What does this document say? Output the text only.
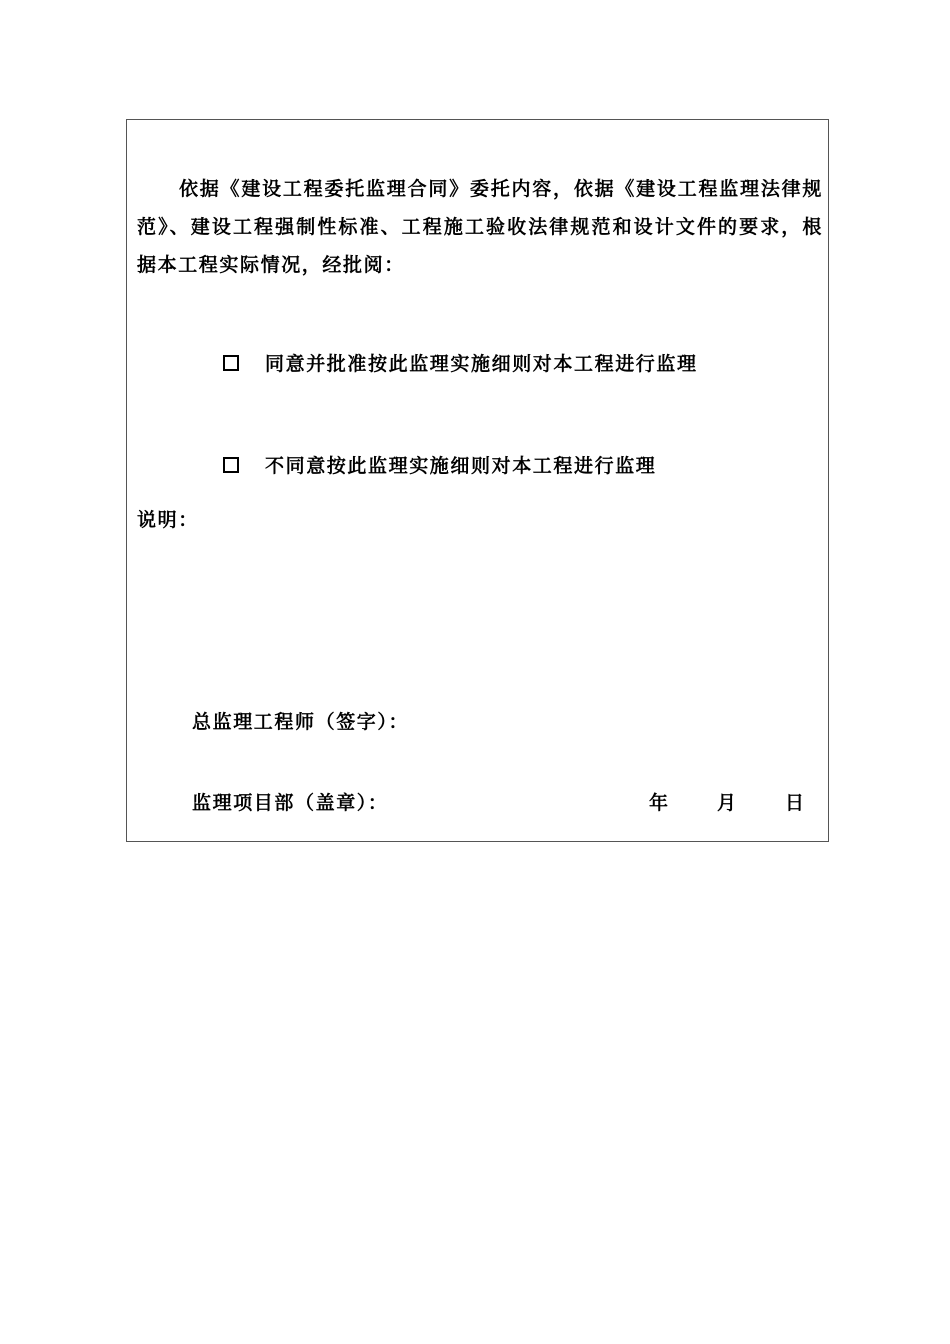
依据《建设工程委托监理合同》委托内容，依据《建设工程监理法律规范》、建设工程强制性标准、工程施工验收法律规范和设计文件的要求，根据本工程实际情况，经批阅：

同意并批准按此监理实施细则对本工程进行监理
不同意按此监理实施细则对本工程进行监理
说明：
总监理工程师（签字）：
监理项目部（盖章）：	年	月	日
